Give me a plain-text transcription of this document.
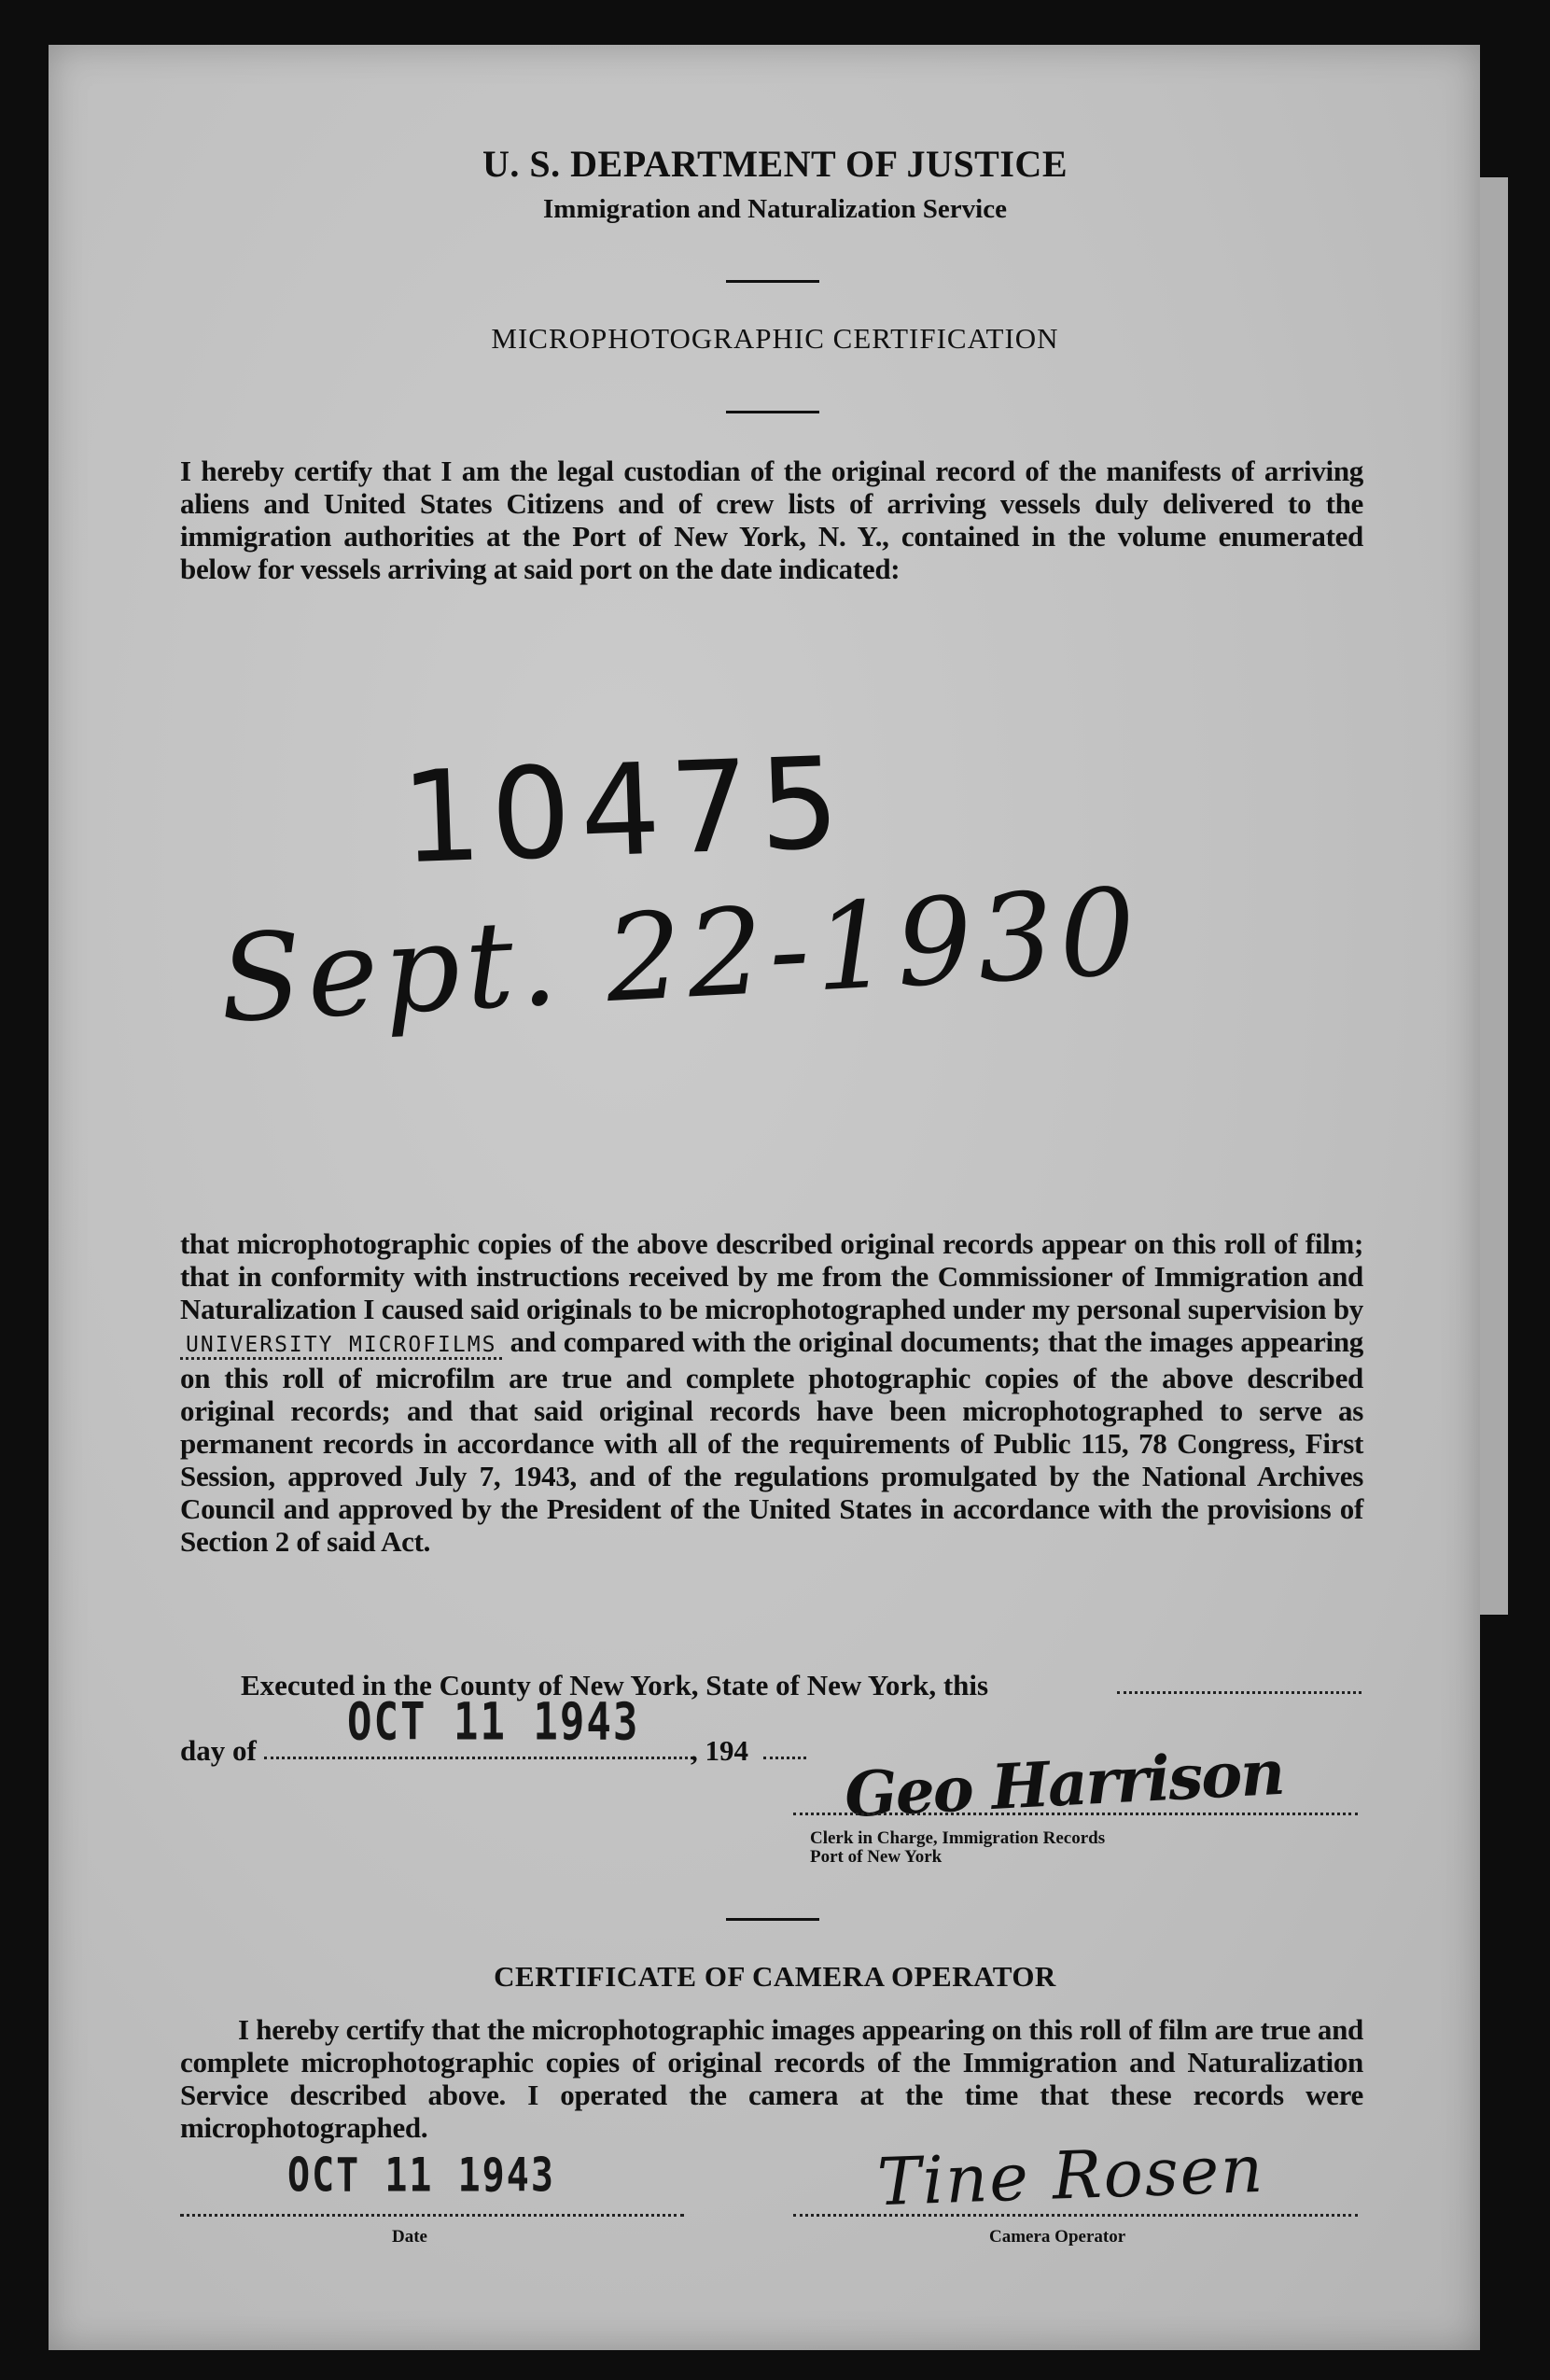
U. S. DEPARTMENT OF JUSTICE
Immigration and Naturalization Service
MICROPHOTOGRAPHIC CERTIFICATION
I hereby certify that I am the legal custodian of the original record of the manifests of arriving aliens and United States Citizens and of crew lists of arriving vessels duly delivered to the immigration authorities at the Port of New York, N. Y., contained in the volume enumerated below for vessels arriving at said port on the date indicated:
10475
Sept. 22-1930
that microphotographic copies of the above described original records appear on this roll of film; that in conformity with instructions received by me from the Commissioner of Immigration and Naturalization I caused said originals to be microphotographed under my personal supervision by UNIVERSITY MICROFILMS and compared with the original documents; that the images appearing on this roll of microfilm are true and complete photographic copies of the above described original records; and that said original records have been microphotographed to serve as permanent records in accordance with all of the requirements of Public 115, 78 Congress, First Session, approved July 7, 1943, and of the regulations promulgated by the National Archives Council and approved by the President of the United States in accordance with the provisions of Section 2 of said Act.
Executed in the County of New York, State of New York, this
day of OCT 11 1943 , 194 Geo Harrison
Clerk in Charge, Immigration Records
Port of New York
CERTIFICATE OF CAMERA OPERATOR
I hereby certify that the microphotographic images appearing on this roll of film are true and complete microphotographic copies of original records of the Immigration and Naturalization Service described above. I operated the camera at the time that these records were microphotographed.
OCT 11 1943
Date
Tine Rosen
Camera Operator
